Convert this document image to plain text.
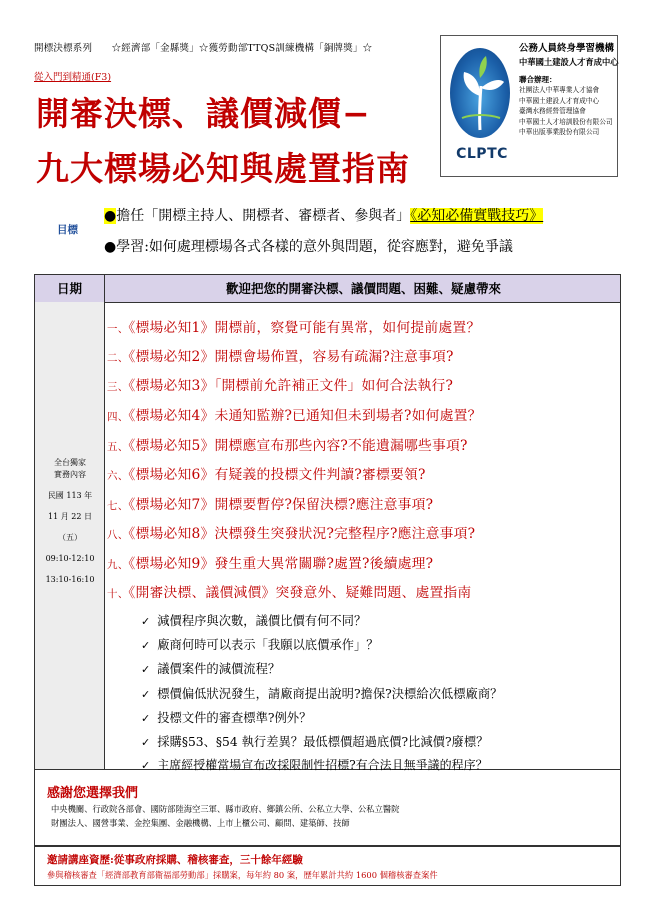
開標決標系列　　☆經濟部「金縣獎」☆獲勞動部TTQS訓練機構「銅牌獎」☆
從入門到精通(F3)
開審決標、議價減價−
九大標場必知與處置指南	CLPTC
公務人員終身學習機構
中華國土建設人才育成中心
聯合辦理：
社團法人中華專業人才協會
中華國土建設人才育成中心
臺灣水務經營管理協會
中華國土人才培訓股份有限公司
中華出版事業股份有限公司
目標
●擔任「開標主持人、開標者、審標者、參與者」《必知必備實戰技巧》
●學習:如何處理標場各式各樣的意外與問題，從容應對，避免爭議
日期	歡迎把您的開審決標、議價問題、困難、疑慮帶來
全台獨家
實務內容
民國 113 年
11 月 22 日
（五）
09:10-12:10
13:10-16:10
一、《標場必知1》開標前，察覺可能有異常，如何提前處置？
二、《標場必知2》開標會場佈置，容易有疏漏?注意事項?
三、《標場必知3》「開標前允許補正文件」如何合法執行?
四、《標場必知4》未通知監辦?已通知但未到場者?如何處置？
五、《標場必知5》開標應宣布那些內容?不能遺漏哪些事項?
六、《標場必知6》有疑義的投標文件判讀?審標要領?
七、《標場必知7》開標要暫停?保留決標?應注意事項?
八、《標場必知8》決標發生突發狀況?完整程序?應注意事項?
九、《標場必知9》發生重大異常關聯?處置?後續處理?
十、《開審決標、議價減價》突發意外、疑難問題、處置指南
✓ 減價程序與次數，議價比價有何不同？
✓ 廠商何時可以表示「我願以底價承作」？
✓ 議價案件的減價流程？
✓ 標價偏低狀況發生，請廠商提出說明?擔保?決標給次低標廠商？
✓ 投標文件的審查標準?例外？
✓ 採購§53、§54 執行差異？最低標價超過底價?比減價?廢標？
✓ 主席經授權當場宣布改採限制性招標?有合法且無爭議的程序？
感謝您選擇我們
中央機關、行政院各部會、國防部陸海空三軍、縣市政府、鄉鎮公所、公私立大學、公私立醫院
財團法人、國營事業、金控集團、金融機構、上市上櫃公司、顧問、建築師、技師
邀請講座資歷:從事政府採購、稽核審查，三十餘年經驗
參與稽核審查「經濟部教育部衛福部勞動部」採購案，每年約 80 案，歷年累計共約 1600 個稽核審查案件
